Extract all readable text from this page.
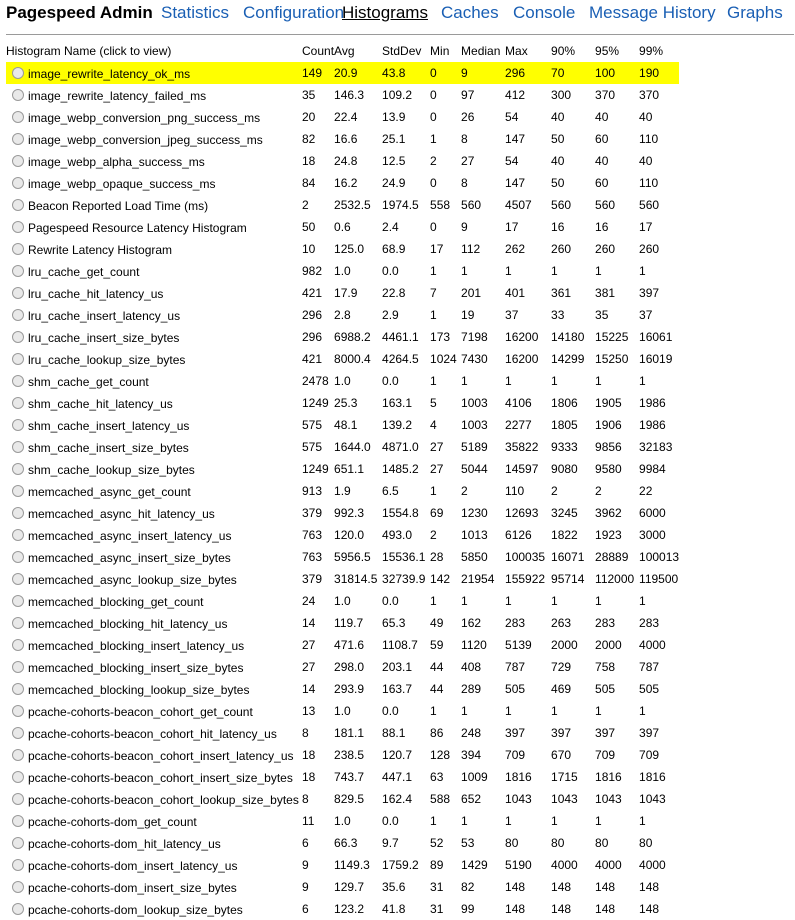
Pagespeed Admin Statistics Configuration
Histograms Caches Console Message History Graphs
Histogram Name (click to view)	Count	Avg	StdDev	Min	Median	Max	90%	95%	99%
image_rewrite_latency_ok_ms	149	20.9	43.8	0	9	296	70	100	190
image_rewrite_latency_failed_ms	35	146.3	109.2	0	97	412	300	370	370
image_webp_conversion_png_success_ms	20	22.4	13.9	0	26	54	40	40	40
image_webp_conversion_jpeg_success_ms	82	16.6	25.1	1	8	147	50	60	110
image_webp_alpha_success_ms	18	24.8	12.5	2	27	54	40	40	40
image_webp_opaque_success_ms	84	16.2	24.9	0	8	147	50	60	110
Beacon Reported Load Time (ms)	2	2532.5	1974.5	558	560	4507	560	560	560
Pagespeed Resource Latency Histogram	50	0.6	2.4	0	9	17	16	16	17
Rewrite Latency Histogram	10	125.0	68.9	17	112	262	260	260	260
lru_cache_get_count	982	1.0	0.0	1	1	1	1	1	1
lru_cache_hit_latency_us	421	17.9	22.8	7	201	401	361	381	397
lru_cache_insert_latency_us	296	2.8	2.9	1	19	37	33	35	37
lru_cache_insert_size_bytes	296	6988.2	4461.1	173	7198	16200	14180	15225	16061
lru_cache_lookup_size_bytes	421	8000.4	4264.5	1024	7430	16200	14299	15250	16019
shm_cache_get_count	2478	1.0	0.0	1	1	1	1	1	1
shm_cache_hit_latency_us	1249	25.3	163.1	5	1003	4106	1806	1905	1986
shm_cache_insert_latency_us	575	48.1	139.2	4	1003	2277	1805	1906	1986
shm_cache_insert_size_bytes	575	1644.0	4871.0	27	5189	35822	9333	9856	32183
shm_cache_lookup_size_bytes	1249	651.1	1485.2	27	5044	14597	9080	9580	9984
memcached_async_get_count	913	1.9	6.5	1	2	110	2	2	22
memcached_async_hit_latency_us	379	992.3	1554.8	69	1230	12693	3245	3962	6000
memcached_async_insert_latency_us	763	120.0	493.0	2	1013	6126	1822	1923	3000
memcached_async_insert_size_bytes	763	5956.5	15536.1	28	5850	100035	16071	28889	100013
memcached_async_lookup_size_bytes	379	31814.5	32739.9	142	21954	155922	95714	112000	119500
memcached_blocking_get_count	24	1.0	0.0	1	1	1	1	1	1
memcached_blocking_hit_latency_us	14	119.7	65.3	49	162	283	263	283	283
memcached_blocking_insert_latency_us	27	471.6	1108.7	59	1120	5139	2000	2000	4000
memcached_blocking_insert_size_bytes	27	298.0	203.1	44	408	787	729	758	787
memcached_blocking_lookup_size_bytes	14	293.9	163.7	44	289	505	469	505	505
pcache-cohorts-beacon_cohort_get_count	13	1.0	0.0	1	1	1	1	1	1
pcache-cohorts-beacon_cohort_hit_latency_us	8	181.1	88.1	86	248	397	397	397	397
pcache-cohorts-beacon_cohort_insert_latency_us	18	238.5	120.7	128	394	709	670	709	709
pcache-cohorts-beacon_cohort_insert_size_bytes	18	743.7	447.1	63	1009	1816	1715	1816	1816
pcache-cohorts-beacon_cohort_lookup_size_bytes	8	829.5	162.4	588	652	1043	1043	1043	1043
pcache-cohorts-dom_get_count	11	1.0	0.0	1	1	1	1	1	1
pcache-cohorts-dom_hit_latency_us	6	66.3	9.7	52	53	80	80	80	80
pcache-cohorts-dom_insert_latency_us	9	1149.3	1759.2	89	1429	5190	4000	4000	4000
pcache-cohorts-dom_insert_size_bytes	9	129.7	35.6	31	82	148	148	148	148
pcache-cohorts-dom_lookup_size_bytes	6	123.2	41.8	31	99	148	148	148	148
